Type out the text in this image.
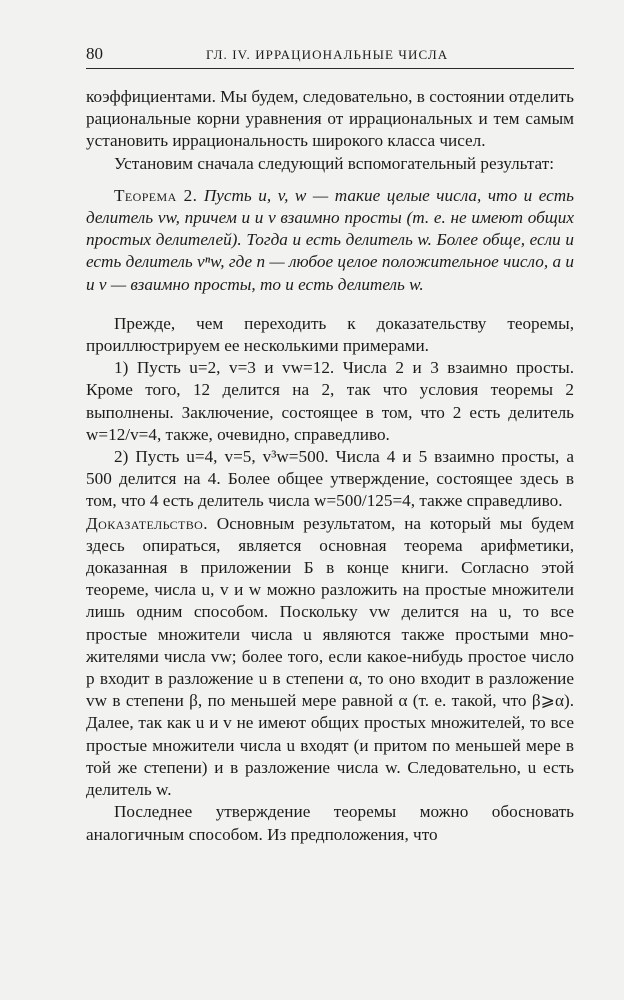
80	ГЛ. IV. ИРРАЦИОНАЛЬНЫЕ ЧИСЛА

коэффициентами. Мы будем, следовательно, в состоянии отделить рациональные корни уравнения от иррациональных и тем самым установить иррациональность широкого класса чисел.

Установим сначала следующий вспомогательный результат:

Теорема 2. Пусть u, v, w — такие целые числа, что u есть делитель vw, причем u и v взаимно просты (т. е. не имеют общих простых делителей). Тогда u есть делитель w. Более обще, если u есть делитель vⁿw, где n — любое целое положительное число, a u и v — взаимно просты, то u есть делитель w.

Прежде, чем переходить к доказательству теоремы, проиллюстрируем ее несколькими примерами.

1) Пусть u=2, v=3 и vw=12. Числа 2 и 3 взаимно просты. Кроме того, 12 делится на 2, так что условия теоремы 2 выполнены. Заключение, состоящее в том, что 2 есть делитель w=12/v=4, также, очевидно, справедливо.

2) Пусть u=4, v=5, v³w=500. Числа 4 и 5 взаимно просты, a 500 делится на 4. Более общее утверждение, состоящее здесь в том, что 4 есть делитель числа w=500/125=4, также справедливо.

Доказательство. Основным результатом, на который мы будем здесь опираться, является основная теорема арифметики, доказанная в приложении Б в конце книги. Согласно этой теореме, числа u, v и w можно разложить на простые множители лишь одним способом. Поскольку vw делится на u, то все простые множители числа u являются также простыми множителями числа vw; более того, если какое-нибудь простое число p входит в разложение u в степени α, то оно входит в разложение vw в степени β, по меньшей мере равной α (т. е. такой, что β⩾α). Далее, так как u и v не имеют общих простых множителей, то все простые множители числа u входят (и притом по меньшей мере в той же степени) и в разложение числа w. Следовательно, u есть делитель w.

Последнее утверждение теоремы можно обосновать аналогичным способом. Из предположения, что
